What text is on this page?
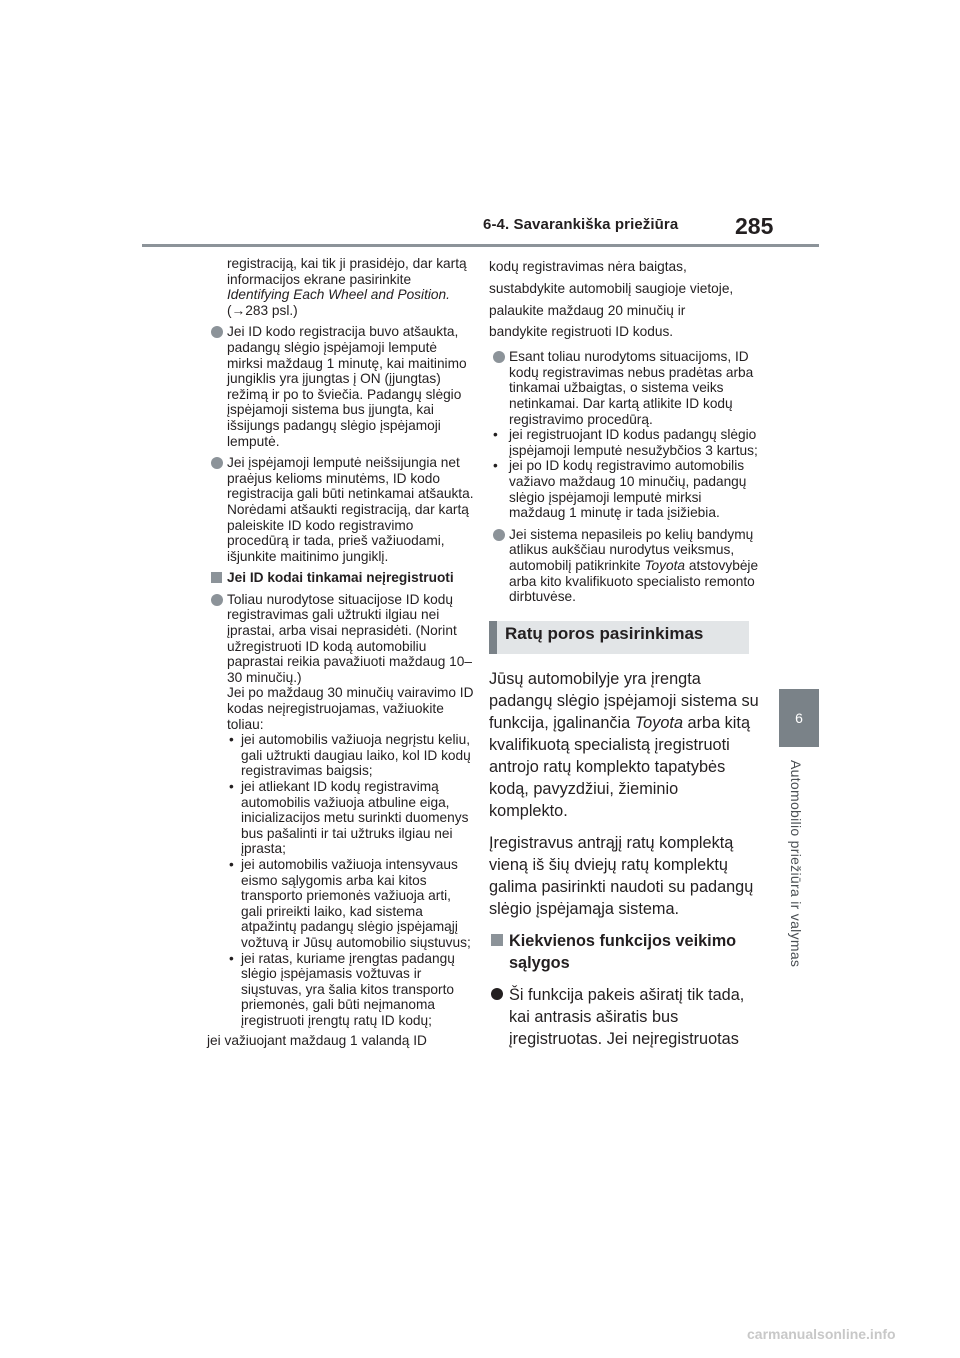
6-4. Savarankiška priežiūra 285
6
Automobilio priežiūra ir valymas
registraciją, kai tik ji prasidėjo, dar kartą informacijos ekrane pasirinkite Identifying Each Wheel and Position. (→283 psl.)
Jei ID kodo registracija buvo atšaukta, padangų slėgio įspėjamoji lemputė mirksi maždaug 1 minutę, kai maitinimo jungiklis yra įjungtas į ON (įjungtas) režimą ir po to šviečia. Padangų slėgio įspėjamoji sistema bus įjungta, kai išsijungs padangų slėgio įspėjamoji lemputė.
Jei įspėjamoji lemputė neišsijungia net praėjus kelioms minutėms, ID kodo registracija gali būti netinkamai atšaukta. Norėdami atšaukti registraciją, dar kartą paleiskite ID kodo registravimo procedūrą ir tada, prieš važiuodami, išjunkite maitinimo jungiklį.
Jei ID kodai tinkamai neįregistruoti
Toliau nurodytose situacijose ID kodų registravimas gali užtrukti ilgiau nei įprastai, arba visai neprasidėti. (Norint užregistruoti ID kodą automobiliu paprastai reikia pavažiuoti maždaug 10–30 minučių.)
Jei po maždaug 30 minučių vairavimo ID kodas neįregistruojamas, važiuokite toliau:
• jei automobilis važiuoja negrįstu keliu, gali užtrukti daugiau laiko, kol ID kodų registravimas baigsis;
• jei atliekant ID kodų registravimą automobilis važiuoja atbuline eiga, inicializacijos metu surinkti duomenys bus pašalinti ir tai užtruks ilgiau nei įprasta;
• jei automobilis važiuoja intensyvaus eismo sąlygomis arba kai kitos transporto priemonės važiuoja arti, gali prireikti laiko, kad sistema atpažintų padangų slėgio įspėjamąjį vožtuvą ir Jūsų automobilio siųstuvus;
• jei ratas, kuriame įrengtas padangų slėgio įspėjamasis vožtuvas ir siųstuvas, yra šalia kitos transporto priemonės, gali būti neįmanoma įregistruoti įrengtų ratų ID kodų;
jei važiuojant maždaug 1 valandą ID
kodų registravimas nėra baigtas,
sustabdykite automobilį saugioje vietoje,
palaukite maždaug 20 minučių ir
bandykite registruoti ID kodus.
Esant toliau nurodytoms situacijoms, ID kodų registravimas nebus pradėtas arba tinkamai užbaigtas, o sistema veiks netinkamai. Dar kartą atlikite ID kodų registravimo procedūrą.
• jei registruojant ID kodus padangų slėgio įspėjamoji lemputė nesužybčios 3 kartus;
• jei po ID kodų registravimo automobilis važiavo maždaug 10 minučių, padangų slėgio įspėjamoji lemputė mirksi maždaug 1 minutę ir tada įsižiebia.
Jei sistema nepasileis po kelių bandymų atlikus aukščiau nurodytus veiksmus, automobilį patikrinkite Toyota atstovybėje arba kito kvalifikuoto specialisto remonto dirbtuvėse.
Ratų poros pasirinkimas

Jūsų automobilyje yra įrengta padangų slėgio įspėjamoji sistema su funkcija, įgalinančia Toyota arba kitą kvalifikuotą specialistą įregistruoti antrojo ratų komplekto tapatybės kodą, pavyzdžiui, žieminio komplekto.

Įregistravus antrąjį ratų komplektą vieną iš šių dviejų ratų komplektų galima pasirinkti naudoti su padangų slėgio įspėjamąja sistema.

Kiekvienos funkcijos veikimo sąlygos
Ši funkcija pakeis aširatį tik tada, kai antrasis aširatis bus įregistruotas. Jei neįregistruotas
carmanualsonline.info
